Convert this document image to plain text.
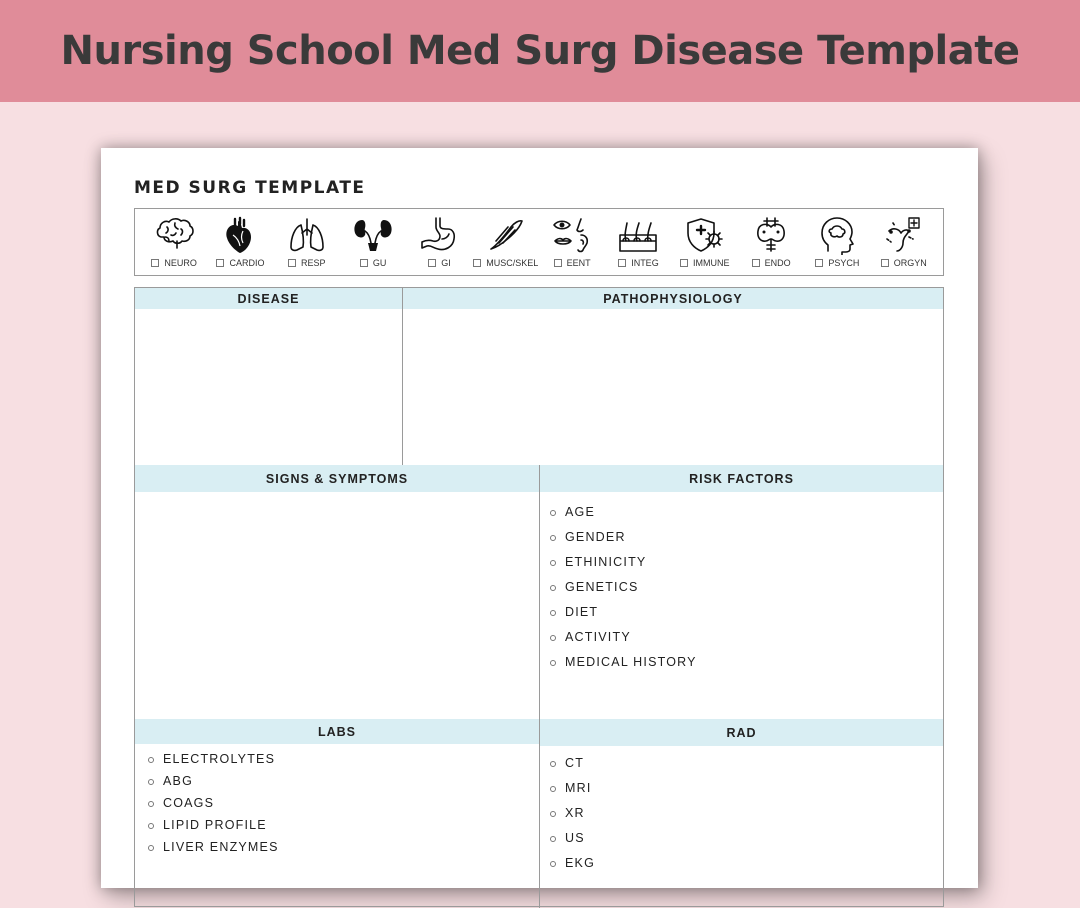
Nursing School Med Surg Disease Template
MED SURG TEMPLATE
NEURO	CARDIO	RESP	GU	GI	MUSC/SKEL	EENT	INTEG	IMMUNE	ENDO	PSYCH	ORGYN
DISEASE	PATHOPHYSIOLOGY
SIGNS & SYMPTOMS	RISK FACTORS
AGE
GENDER
ETHINICITY
GENETICS
DIET
ACTIVITY
MEDICAL HISTORY
LABS	RAD
ELECTROLYTES
ABG
COAGS
LIPID PROFILE
LIVER ENZYMES
CT
MRI
XR
US
EKG
